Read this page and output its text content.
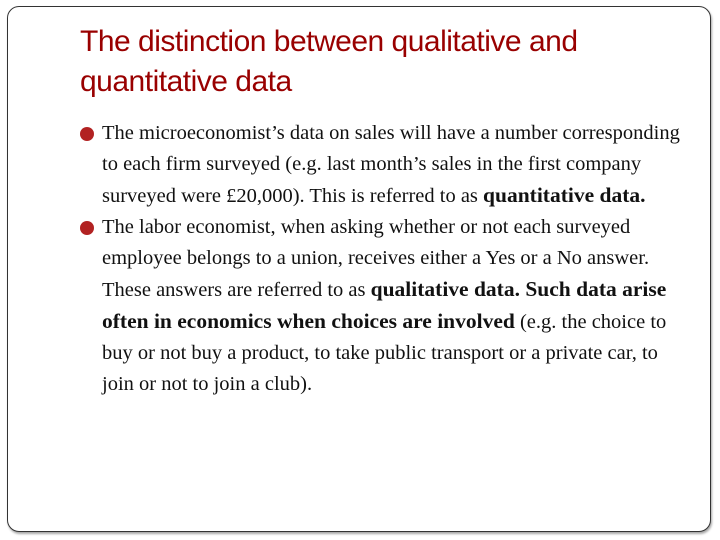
The distinction between qualitative and quantitative data
The microeconomist’s data on sales will have a number corresponding to each firm surveyed (e.g. last month’s sales in the first company surveyed were £20,000). This is referred to as quantitative data.
The labor economist, when asking whether or not each surveyed employee belongs to a union, receives either a Yes or a No answer. These answers are referred to as qualitative data. Such data arise often in economics when choices are involved (e.g. the choice to buy or not buy a product, to take public transport or a private car, to join or not to join a club).
